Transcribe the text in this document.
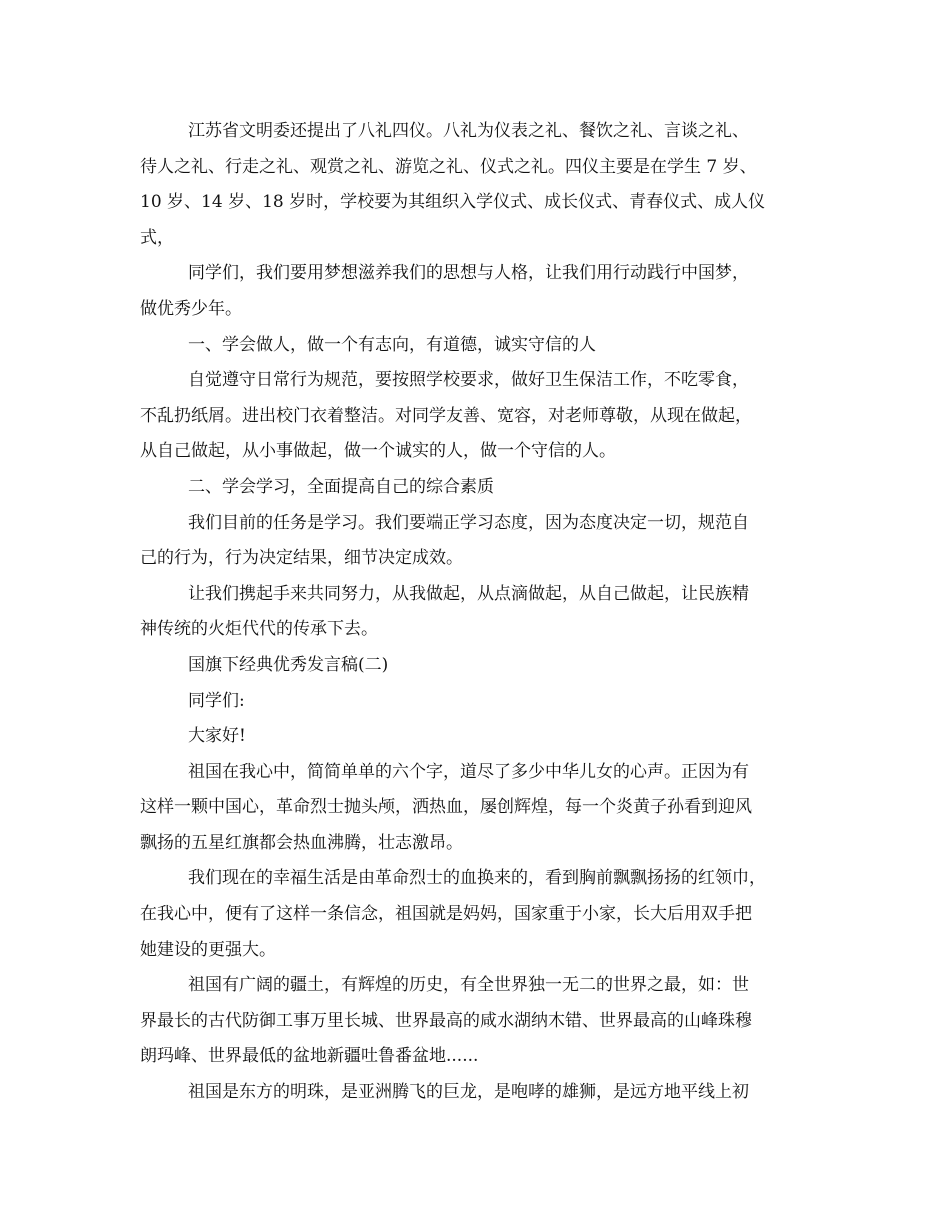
江苏省文明委还提出了八礼四仪。八礼为仪表之礼、餐饮之礼、言谈之礼、
待人之礼、行走之礼、观赏之礼、游览之礼、仪式之礼。四仪主要是在学生 7 岁、
10 岁、14 岁、18 岁时，学校要为其组织入学仪式、成长仪式、青春仪式、成人仪
式，
同学们，我们要用梦想滋养我们的思想与人格，让我们用行动践行中国梦，
做优秀少年。
一、学会做人，做一个有志向，有道德，诚实守信的人
自觉遵守日常行为规范，要按照学校要求，做好卫生保洁工作，不吃零食，
不乱扔纸屑。进出校门衣着整洁。对同学友善、宽容，对老师尊敬，从现在做起，
从自己做起，从小事做起，做一个诚实的人，做一个守信的人。
二、学会学习，全面提高自己的综合素质
我们目前的任务是学习。我们要端正学习态度，因为态度决定一切，规范自
己的行为，行为决定结果，细节决定成效。
让我们携起手来共同努力，从我做起，从点滴做起，从自己做起，让民族精
神传统的火炬代代的传承下去。
国旗下经典优秀发言稿(二)
同学们:
大家好!
祖国在我心中，简简单单的六个字，道尽了多少中华儿女的心声。正因为有
这样一颗中国心，革命烈士抛头颅，洒热血，屡创辉煌，每一个炎黄子孙看到迎风
飘扬的五星红旗都会热血沸腾，壮志激昂。
我们现在的幸福生活是由革命烈士的血换来的，看到胸前飘飘扬扬的红领巾，
在我心中，便有了这样一条信念，祖国就是妈妈，国家重于小家，长大后用双手把
她建设的更强大。
祖国有广阔的疆土，有辉煌的历史，有全世界独一无二的世界之最，如：世
界最长的古代防御工事万里长城、世界最高的咸水湖纳木错、世界最高的山峰珠穆
朗玛峰、世界最低的盆地新疆吐鲁番盆地......
祖国是东方的明珠，是亚洲腾飞的巨龙，是咆哮的雄狮，是远方地平线上初
